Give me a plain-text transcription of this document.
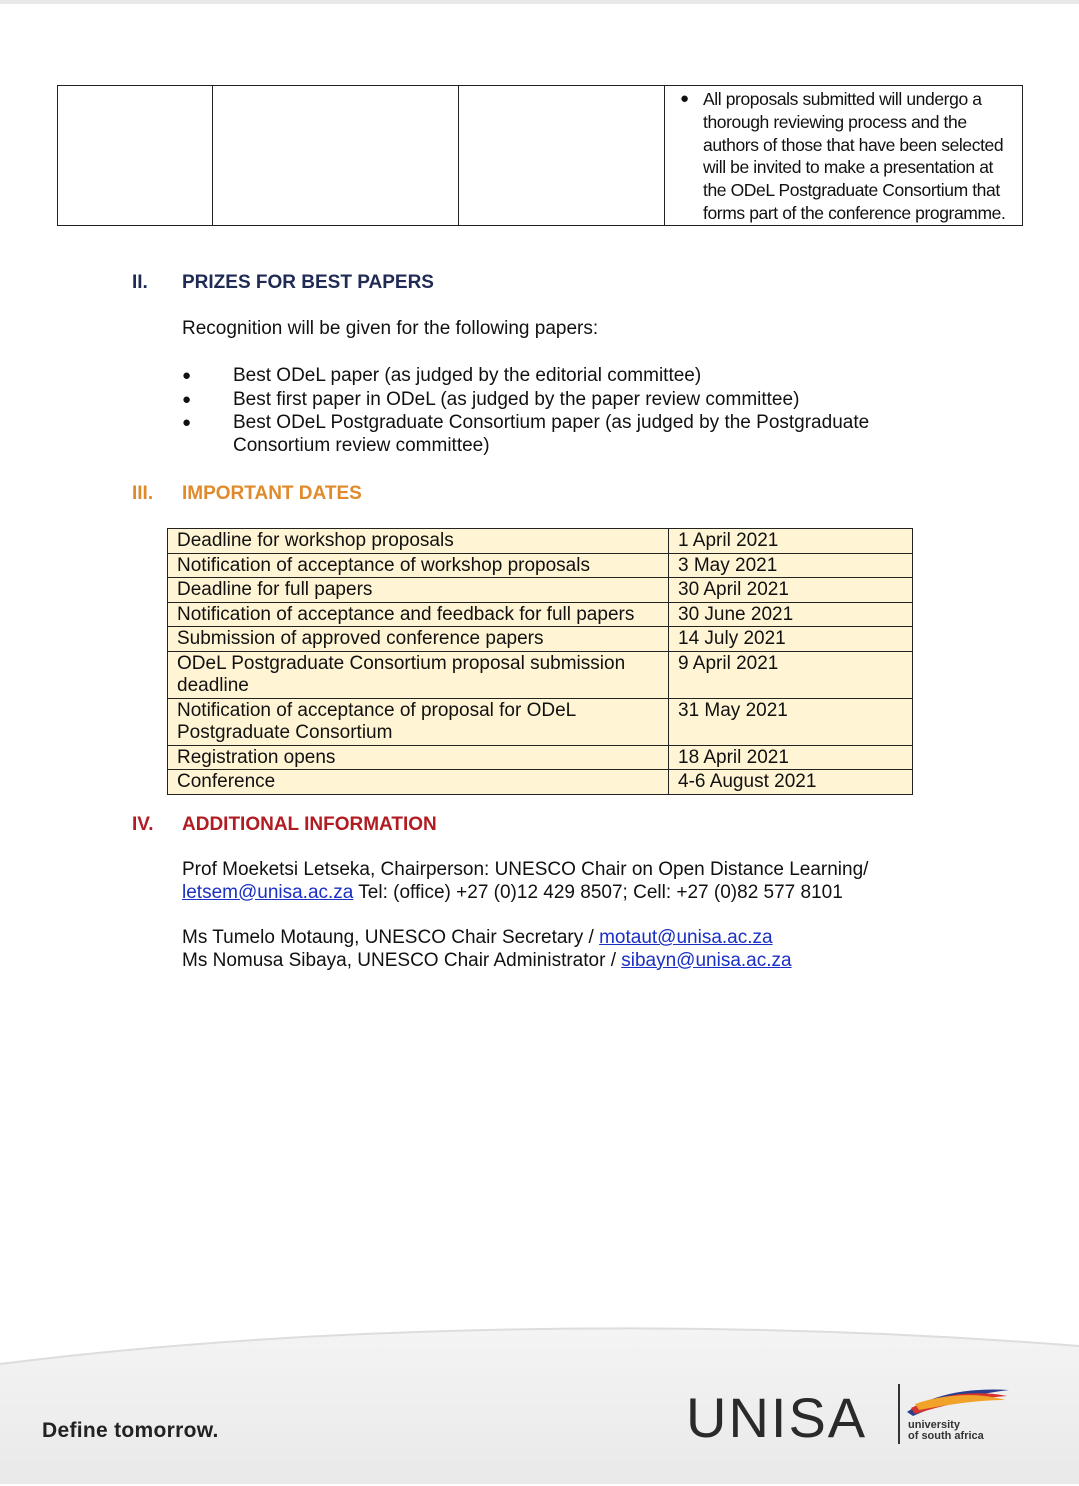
● All proposals submitted will undergo a thorough reviewing process and the authors of those that have been selected will be invited to make a presentation at the ODeL Postgraduate Consortium that forms part of the conference programme.
II. PRIZES FOR BEST PAPERS
Recognition will be given for the following papers:
● Best ODeL paper (as judged by the editorial committee)
● Best first paper in ODeL (as judged by the paper review committee)
● Best ODeL Postgraduate Consortium paper (as judged by the Postgraduate Consortium review committee)
III. IMPORTANT DATES
Deadline for workshop proposals	1 April 2021
Notification of acceptance of workshop proposals	3 May 2021
Deadline for full papers	30 April 2021
Notification of acceptance and feedback for full papers	30 June 2021
Submission of approved conference papers	14 July 2021
ODeL Postgraduate Consortium proposal submission deadline	9 April 2021
Notification of acceptance of proposal for ODeL Postgraduate Consortium	31 May 2021
Registration opens	18 April 2021
Conference	4-6 August 2021
IV. ADDITIONAL INFORMATION
Prof Moeketsi Letseka, Chairperson: UNESCO Chair on Open Distance Learning/
letsem@unisa.ac.za Tel: (office) +27 (0)12 429 8507; Cell: +27 (0)82 577 8101
Ms Tumelo Motaung, UNESCO Chair Secretary / motaut@unisa.ac.za
Ms Nomusa Sibaya, UNESCO Chair Administrator / sibayn@unisa.ac.za
Define tomorrow.	UNISA	university
of south africa
